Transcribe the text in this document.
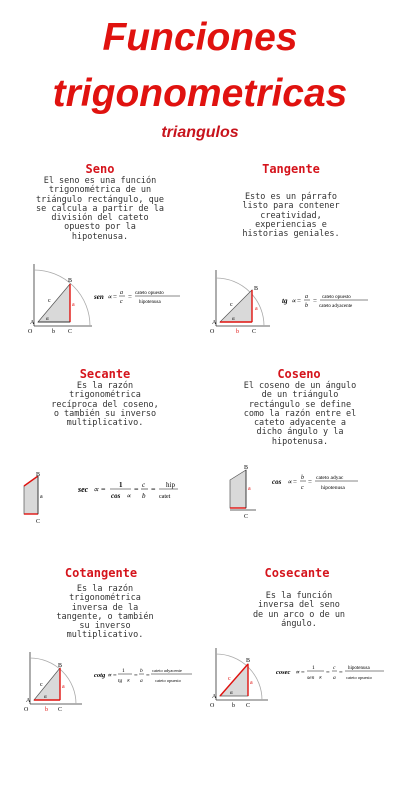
Funciones
trigonometricas
triangulos
Seno
El seno es una función trigonométrica de un triángulo rectángulo, que se calcula a partir de la división del cateto opuesto por la hipotenusa.
A
B
C
O
a
b
c
α
sen ∝ = a
c
= cateto opuesto
hipotenusa
Tangente
Esto es un párrafo listo para contener creatividad, experiencias e historias geniales.
A
B
C
O
a
b
c
α
tg ∝ = a
b
= cateto opuesto
cateto adyacente
Secante
Es la razón trigonométrica recíproca del coseno, o también su inverso multiplicativo.
B
C
a
sec ∝ = 1
cos ∝
= c
b
= hip
catet
Coseno
El coseno de un ángulo de un triángulo rectángulo se define como la razón entre el cateto adyacente a dicho ángulo y la hipotenusa.
B
C
a
cos ∝ = b
c
= cateto adyac
hipotenusa
Cotangente
Es la razón trigonométrica inversa de la tangente, o también su inverso multiplicativo.
A
B
C
O
a
b
c
α
cotg ∝ =
1
tg ∝
=
b
a
=
cateto adyacente
cateto opuesto
Cosecante
Es la función inversa del seno de un arco o de un ángulo.
A
B
C
O
a
b
c
α
cosec ∝ =
1
sen ∝
=
c
a
=
hipotenusa
cateto opuesto
